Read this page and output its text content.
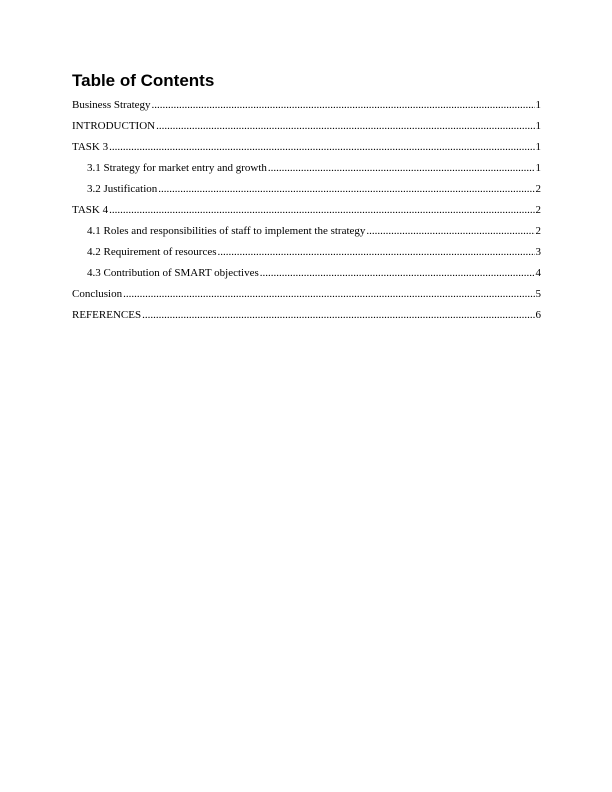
Table of Contents
Business Strategy .....	1
INTRODUCTION .....	1
TASK 3 .....	1
3.1 Strategy for market entry and growth .....	1
3.2 Justification .....	2
TASK 4 .....	2
4.1 Roles and responsibilities of staff to implement the strategy .....	2
4.2 Requirement of resources .....	3
4.3 Contribution of SMART objectives .....	4
Conclusion .....	5
REFERENCES .....	6
